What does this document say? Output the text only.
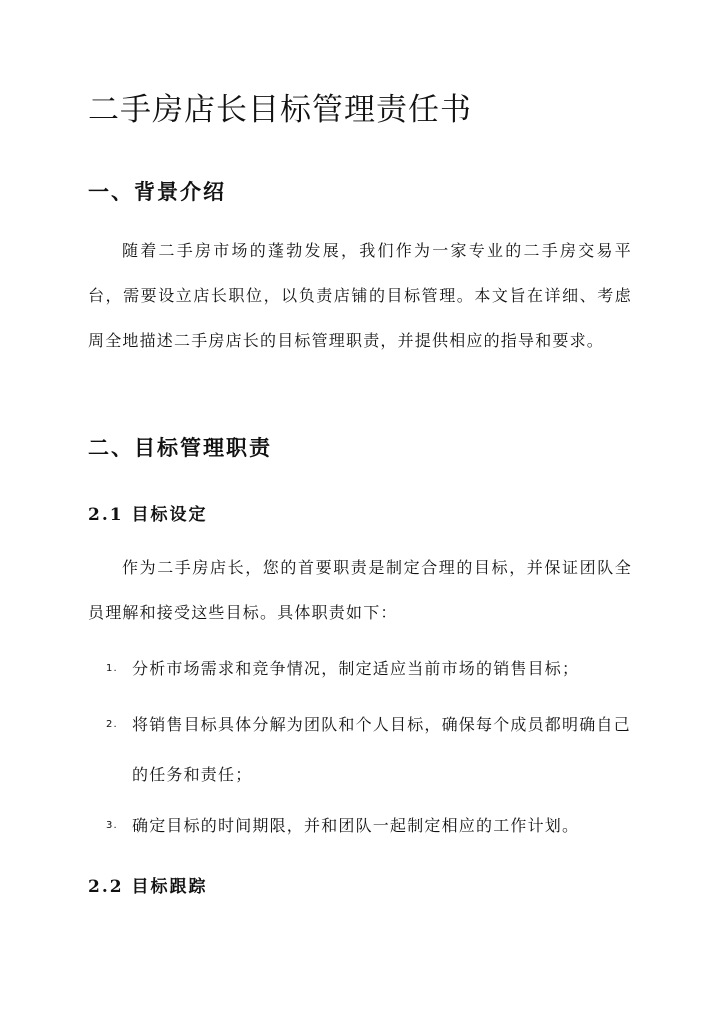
二手房店长目标管理责任书
一、背景介绍

随着二手房市场的蓬勃发展，我们作为一家专业的二手房交易平台，需要设立店长职位，以负责店铺的目标管理。本文旨在详细、考虑周全地描述二手房店长的目标管理职责，并提供相应的指导和要求。

二、目标管理职责
2.1 目标设定

作为二手房店长，您的首要职责是制定合理的目标，并保证团队全员理解和接受这些目标。具体职责如下：

1. 分析市场需求和竞争情况，制定适应当前市场的销售目标；
2. 将销售目标具体分解为团队和个人目标，确保每个成员都明确自己的任务和责任；
3. 确定目标的时间期限，并和团队一起制定相应的工作计划。
2.2 目标跟踪
